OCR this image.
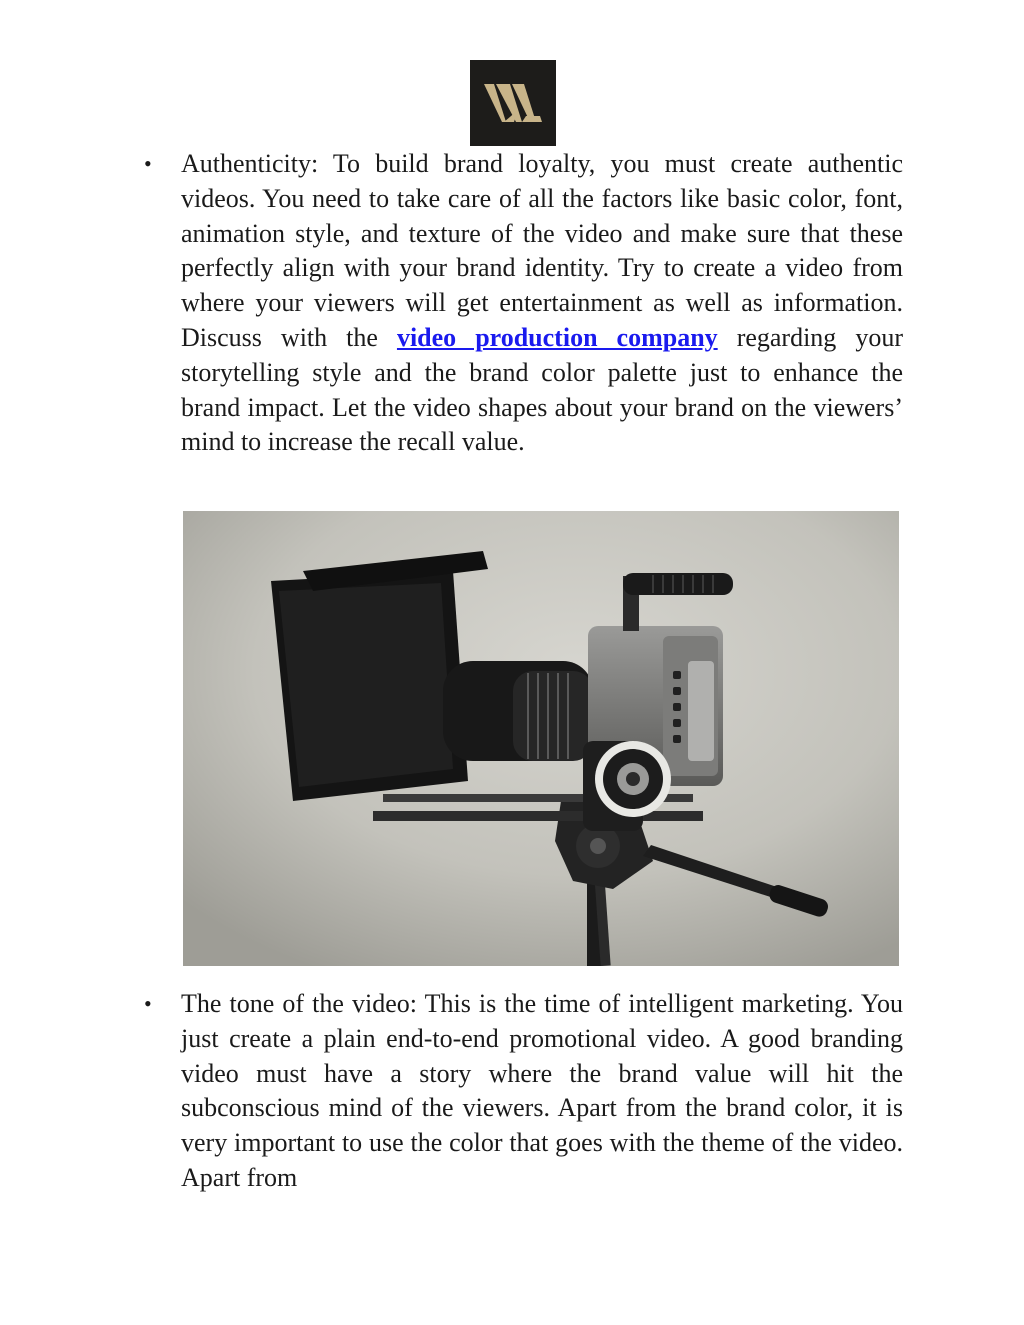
• Authenticity: To build brand loyalty, you must create authentic videos. You need to take care of all the factors like basic color, font, animation style, and texture of the video and make sure that these perfectly align with your brand identity. Try to create a video from where your viewers will get entertainment as well as information. Discuss with the video production company regarding your storytelling style and the brand color palette just to enhance the brand impact. Let the video shapes about your brand on the viewers’ mind to increase the recall value.

• The tone of the video: This is the time of intelligent marketing. You just create a plain end-to-end promotional video. A good branding video must have a story where the brand value will hit the subconscious mind of the viewers. Apart from the brand color, it is very important to use the color that goes with the theme of the video. Apart from
